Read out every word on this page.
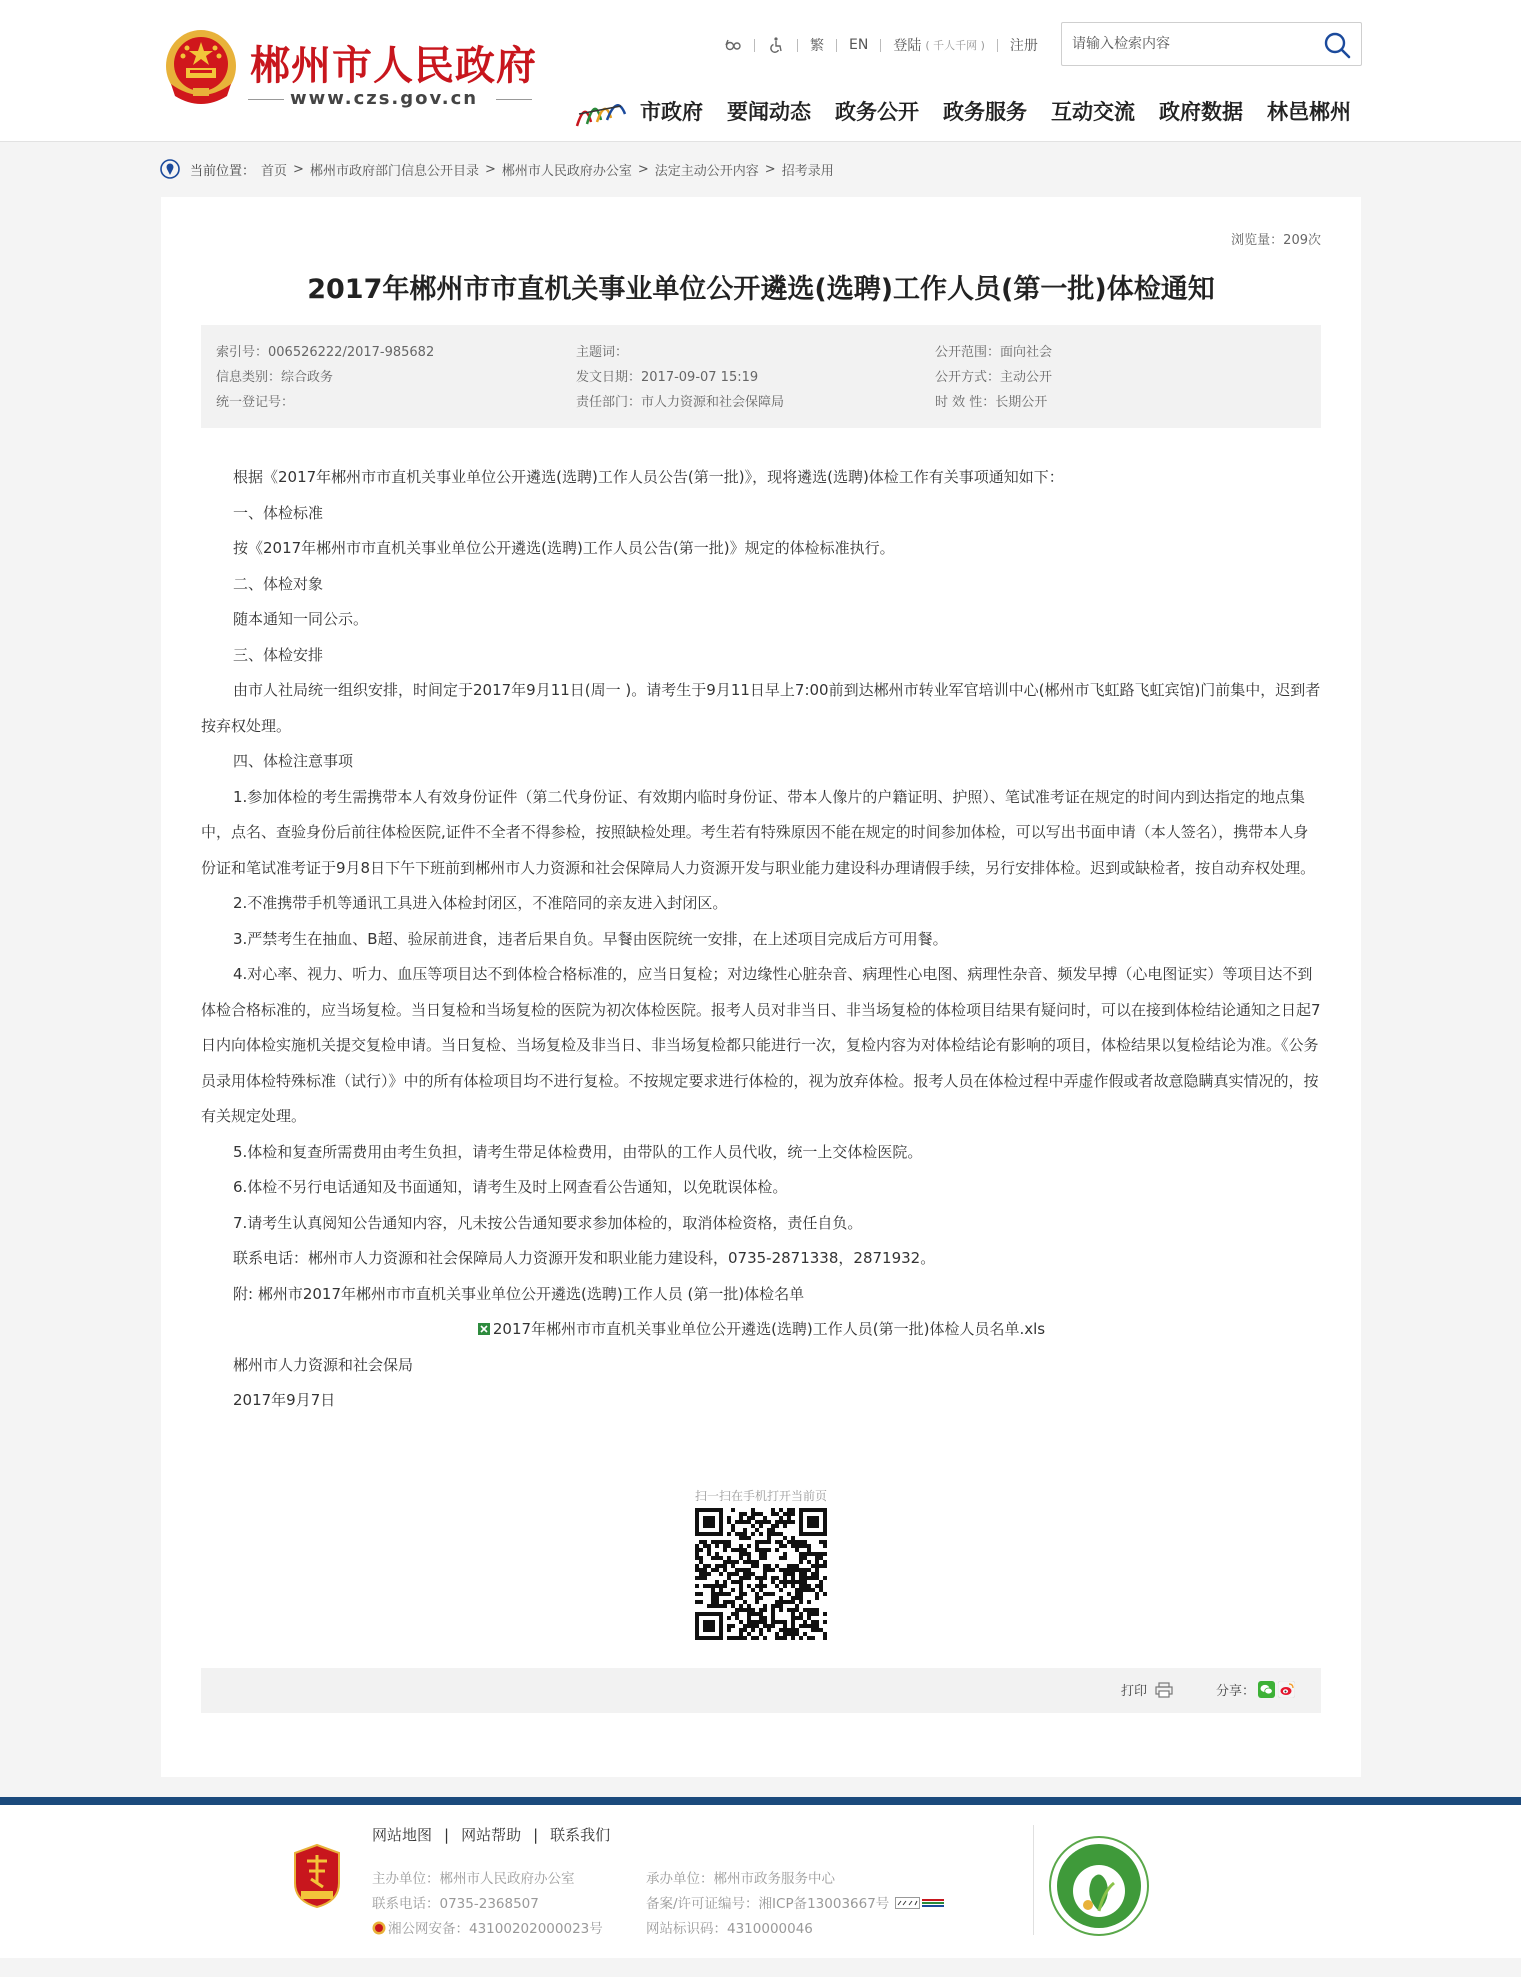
郴州市人民政府
www.czs.gov.cn
繁 EN 登陆 ( 千人千网 ) 注册
请输入检索内容
市政府 要闻动态 政务公开 政务服务 互动交流 政府数据 林邑郴州
当前位置： 首页 > 郴州市政府部门信息公开目录 > 郴州市人民政府办公室 > 法定主动公开内容 > 招考录用
浏览量：209次
2017年郴州市市直机关事业单位公开遴选(选聘)工作人员(第一批)体检通知
索引号：006526222/2017-985682
信息类别：综合政务
统一登记号：
主题词：
发文日期：2017-09-07 15:19
责任部门：市人力资源和社会保障局
公开范围：面向社会
公开方式：主动公开
时 效 性：长期公开

根据《2017年郴州市市直机关事业单位公开遴选(选聘)工作人员公告(第一批)》，现将遴选(选聘)体检工作有关事项通知如下：

一、体检标准

按《2017年郴州市市直机关事业单位公开遴选(选聘)工作人员公告(第一批)》规定的体检标准执行。

二、体检对象

随本通知一同公示。

三、体检安排

由市人社局统一组织安排，时间定于2017年9月11日(周一 )。请考生于9月11日早上7:00前到达郴州市转业军官培训中心(郴州市飞虹路飞虹宾馆)门前集中，迟到者按弃权处理。

四、体检注意事项

1.参加体检的考生需携带本人有效身份证件（第二代身份证、有效期内临时身份证、带本人像片的户籍证明、护照）、笔试准考证在规定的时间内到达指定的地点集中，点名、查验身份后前往体检医院,证件不全者不得参检，按照缺检处理。考生若有特殊原因不能在规定的时间参加体检，可以写出书面申请（本人签名），携带本人身份证和笔试准考证于9月8日下午下班前到郴州市人力资源和社会保障局人力资源开发与职业能力建设科办理请假手续，另行安排体检。迟到或缺检者，按自动弃权处理。

2.不准携带手机等通讯工具进入体检封闭区，不准陪同的亲友进入封闭区。

3.严禁考生在抽血、B超、验尿前进食，违者后果自负。早餐由医院统一安排，在上述项目完成后方可用餐。

4.对心率、视力、听力、血压等项目达不到体检合格标准的，应当日复检；对边缘性心脏杂音、病理性心电图、病理性杂音、频发早搏（心电图证实）等项目达不到体检合格标准的，应当场复检。当日复检和当场复检的医院为初次体检医院。报考人员对非当日、非当场复检的体检项目结果有疑问时，可以在接到体检结论通知之日起7日内向体检实施机关提交复检申请。当日复检、当场复检及非当日、非当场复检都只能进行一次，复检内容为对体检结论有影响的项目，体检结果以复检结论为准。《公务员录用体检特殊标准（试行）》中的所有体检项目均不进行复检。不按规定要求进行体检的，视为放弃体检。报考人员在体检过程中弄虚作假或者故意隐瞒真实情况的，按有关规定处理。

5.体检和复查所需费用由考生负担，请考生带足体检费用，由带队的工作人员代收，统一上交体检医院。

6.体检不另行电话通知及书面通知，请考生及时上网查看公告通知，以免耽误体检。

7.请考生认真阅知公告通知内容，凡未按公告通知要求参加体检的，取消体检资格，责任自负。

联系电话：郴州市人力资源和社会保障局人力资源开发和职业能力建设科，0735-2871338，2871932。

附: 郴州市2017年郴州市市直机关事业单位公开遴选(选聘)工作人员 (第一批)体检名单

2017年郴州市市直机关事业单位公开遴选(选聘)工作人员(第一批)体检人员名单.xls

郴州市人力资源和社会保局

2017年9月7日

扫一扫在手机打开当前页
打印	分享：
网站地图 | 网站帮助 | 联系我们
主办单位：郴州市人民政府办公室
联系电话：0735-2368507
湘公网安备：43100202000023号
承办单位：郴州市政务服务中心
备案/许可证编号：湘ICP备13003667号
网站标识码：4310000046
